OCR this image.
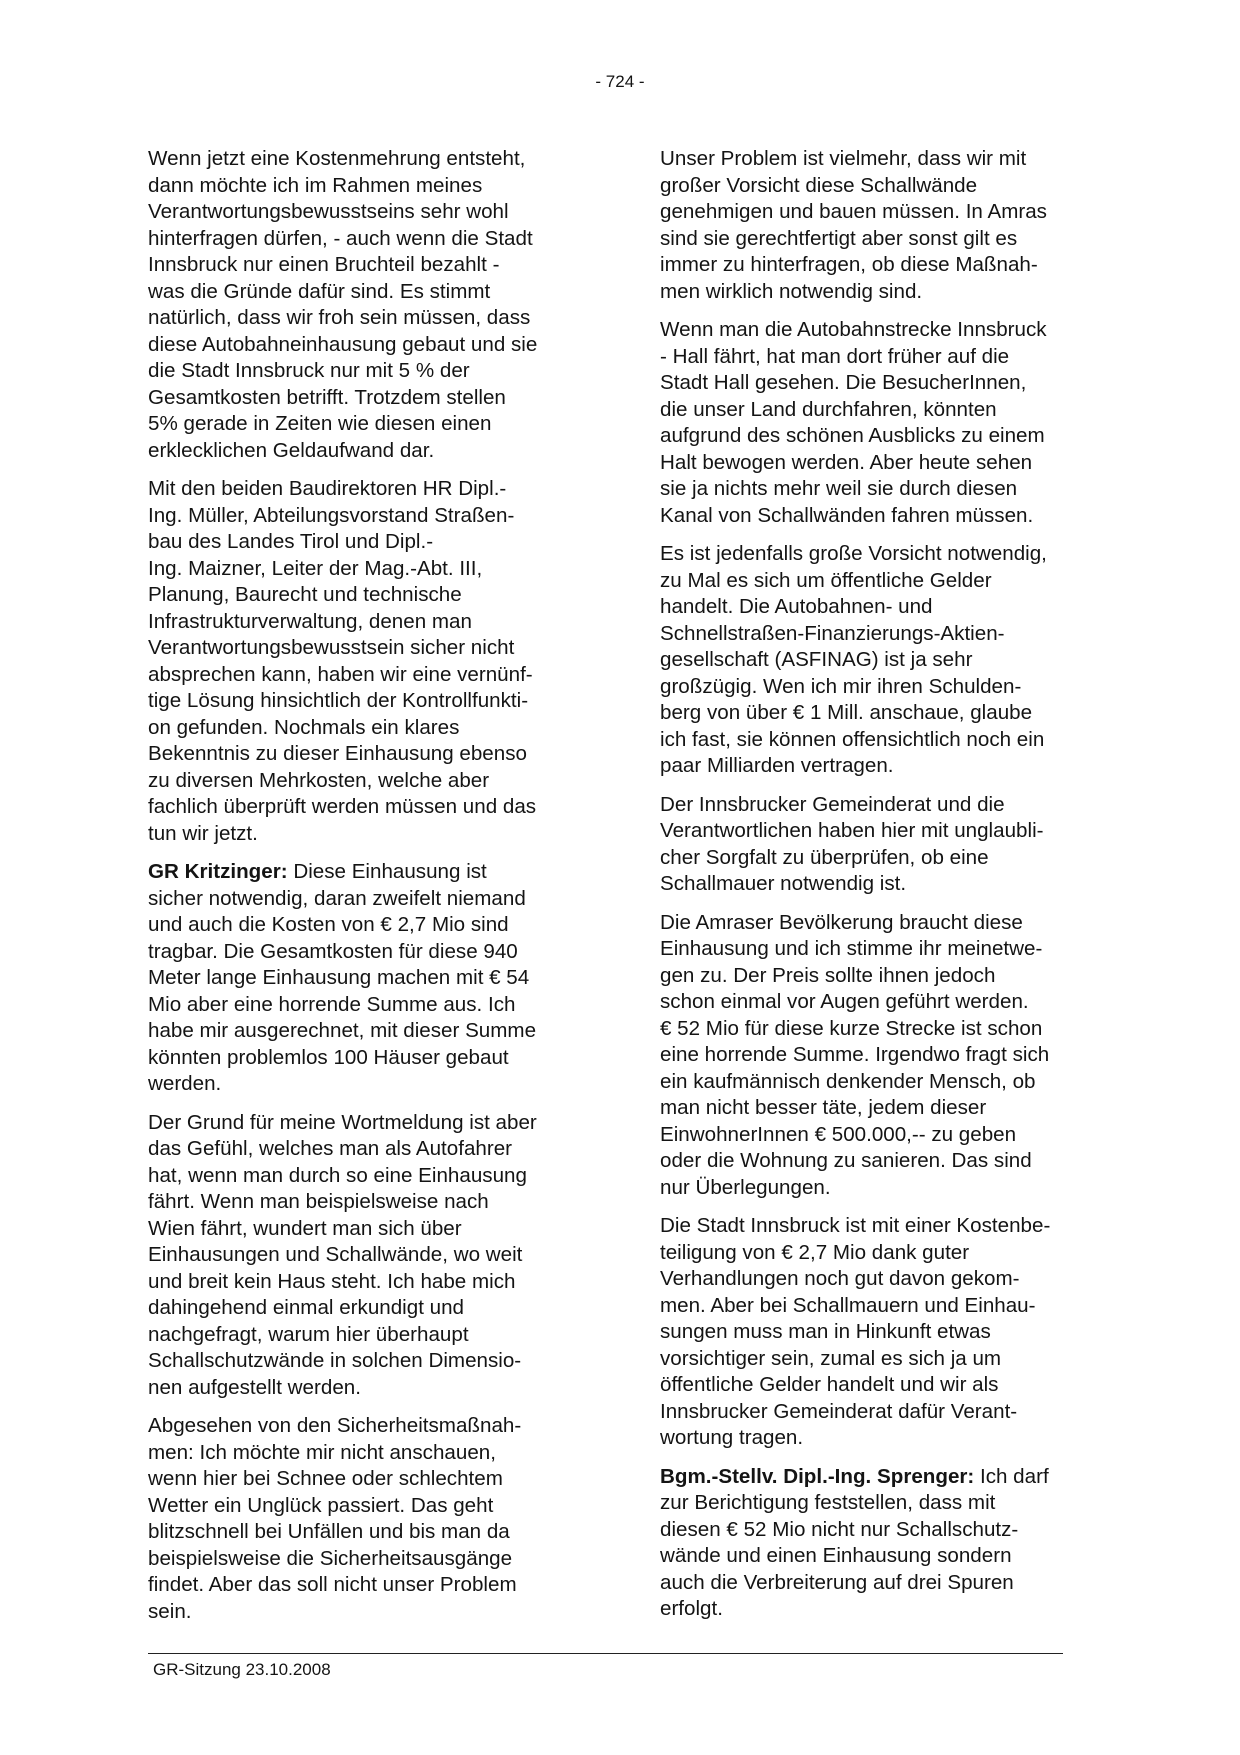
- 724 -
Wenn jetzt eine Kostenmehrung entsteht,
dann möchte ich im Rahmen meines
Verantwortungsbewusstseins sehr wohl
hinterfragen dürfen, - auch wenn die Stadt
Innsbruck nur einen Bruchteil bezahlt -
was die Gründe dafür sind. Es stimmt
natürlich, dass wir froh sein müssen, dass
diese Autobahneinhausung gebaut und sie
die Stadt Innsbruck nur mit 5 % der
Gesamtkosten betrifft. Trotzdem stellen
5% gerade in Zeiten wie diesen einen
erklecklichen Geldaufwand dar.
Mit den beiden Baudirektoren HR Dipl.-
Ing. Müller, Abteilungsvorstand Straßen-
bau des Landes Tirol und Dipl.-
Ing. Maizner, Leiter der Mag.-Abt. III,
Planung, Baurecht und technische
Infrastrukturverwaltung, denen man
Verantwortungsbewusstsein sicher nicht
absprechen kann, haben wir eine vernünf-
tige Lösung hinsichtlich der Kontrollfunkti-
on gefunden. Nochmals ein klares
Bekenntnis zu dieser Einhausung ebenso
zu diversen Mehrkosten, welche aber
fachlich überprüft werden müssen und das
tun wir jetzt.
GR Kritzinger: Diese Einhausung ist
sicher notwendig, daran zweifelt niemand
und auch die Kosten von € 2,7 Mio sind
tragbar. Die Gesamtkosten für diese 940
Meter lange Einhausung machen mit € 54
Mio aber eine horrende Summe aus. Ich
habe mir ausgerechnet, mit dieser Summe
könnten problemlos 100 Häuser gebaut
werden.
Der Grund für meine Wortmeldung ist aber
das Gefühl, welches man als Autofahrer
hat, wenn man durch so eine Einhausung
fährt. Wenn man beispielsweise nach
Wien fährt, wundert man sich über
Einhausungen und Schallwände, wo weit
und breit kein Haus steht. Ich habe mich
dahingehend einmal erkundigt und
nachgefragt, warum hier überhaupt
Schallschutzwände in solchen Dimensio-
nen aufgestellt werden.
Abgesehen von den Sicherheitsmaßnah-
men: Ich möchte mir nicht anschauen,
wenn hier bei Schnee oder schlechtem
Wetter ein Unglück passiert. Das geht
blitzschnell bei Unfällen und bis man da
beispielsweise die Sicherheitsausgänge
findet. Aber das soll nicht unser Problem
sein.
Unser Problem ist vielmehr, dass wir mit
großer Vorsicht diese Schallwände
genehmigen und bauen müssen. In Amras
sind sie gerechtfertigt aber sonst gilt es
immer zu hinterfragen, ob diese Maßnah-
men wirklich notwendig sind.
Wenn man die Autobahnstrecke Innsbruck
- Hall fährt, hat man dort früher auf die
Stadt Hall gesehen. Die BesucherInnen,
die unser Land durchfahren, könnten
aufgrund des schönen Ausblicks zu einem
Halt bewogen werden. Aber heute sehen
sie ja nichts mehr weil sie durch diesen
Kanal von Schallwänden fahren müssen.
Es ist jedenfalls große Vorsicht notwendig,
zu Mal es sich um öffentliche Gelder
handelt. Die Autobahnen- und
Schnellstraßen-Finanzierungs-Aktien-
gesellschaft (ASFINAG) ist ja sehr
großzügig. Wen ich mir ihren Schulden-
berg von über € 1 Mill. anschaue, glaube
ich fast, sie können offensichtlich noch ein
paar Milliarden vertragen.
Der Innsbrucker Gemeinderat und die
Verantwortlichen haben hier mit unglaubli-
cher Sorgfalt zu überprüfen, ob eine
Schallmauer notwendig ist.
Die Amraser Bevölkerung braucht diese
Einhausung und ich stimme ihr meinetwe-
gen zu. Der Preis sollte ihnen jedoch
schon einmal vor Augen geführt werden.
€ 52 Mio für diese kurze Strecke ist schon
eine horrende Summe. Irgendwo fragt sich
ein kaufmännisch denkender Mensch, ob
man nicht besser täte, jedem dieser
EinwohnerInnen € 500.000,-- zu geben
oder die Wohnung zu sanieren. Das sind
nur Überlegungen.
Die Stadt Innsbruck ist mit einer Kostenbe-
teiligung von € 2,7 Mio dank guter
Verhandlungen noch gut davon gekom-
men. Aber bei Schallmauern und Einhau-
sungen muss man in Hinkunft etwas
vorsichtiger sein, zumal es sich ja um
öffentliche Gelder handelt und wir als
Innsbrucker Gemeinderat dafür Verant-
wortung tragen.
Bgm.-Stellv. Dipl.-Ing. Sprenger: Ich darf
zur Berichtigung feststellen, dass mit
diesen € 52 Mio nicht nur Schallschutz-
wände und einen Einhausung sondern
auch die Verbreiterung auf drei Spuren
erfolgt.
GR-Sitzung 23.10.2008
